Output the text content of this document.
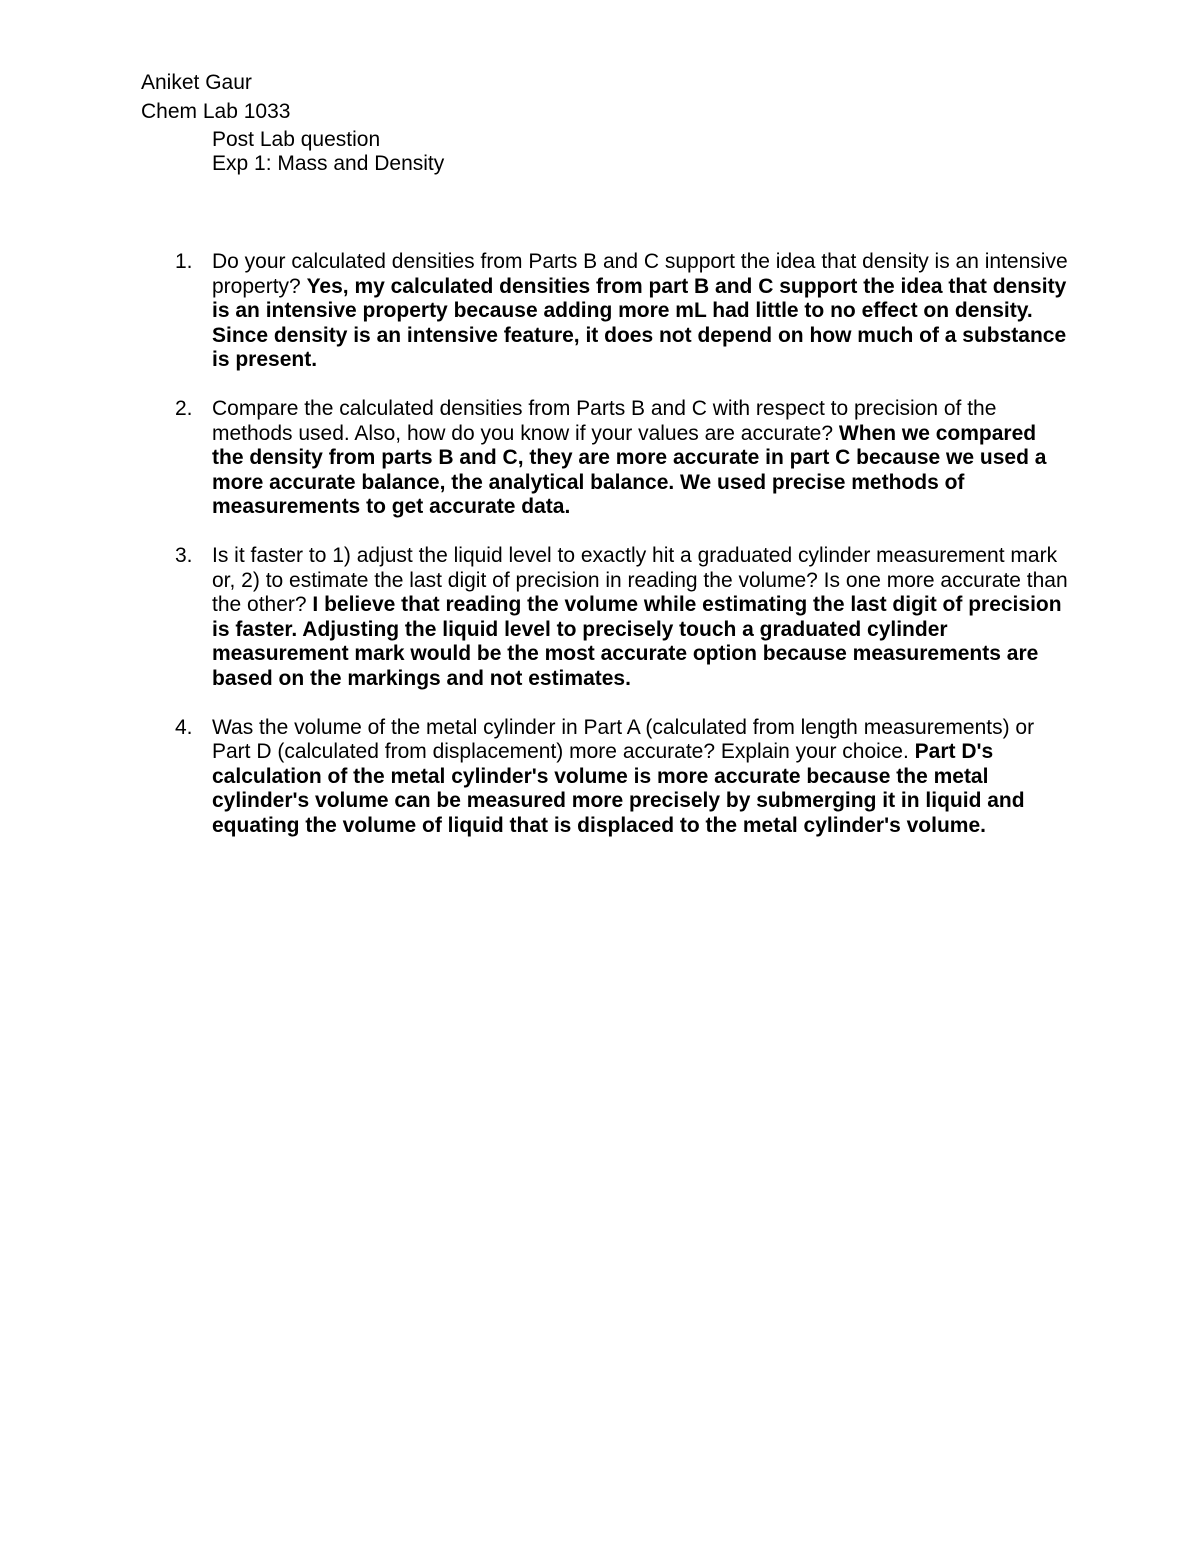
Aniket Gaur
Chem Lab 1033
Post Lab question
Exp 1: Mass and Density
1. Do your calculated densities from Parts B and C support the idea that density is an intensive property? Yes, my calculated densities from part B and C support the idea that density is an intensive property because adding more mL had little to no effect on density. Since density is an intensive feature, it does not depend on how much of a substance is present.
2. Compare the calculated densities from Parts B and C with respect to precision of the methods used. Also, how do you know if your values are accurate? When we compared the density from parts B and C, they are more accurate in part C because we used a more accurate balance, the analytical balance. We used precise methods of measurements to get accurate data.
3. Is it faster to 1) adjust the liquid level to exactly hit a graduated cylinder measurement mark or, 2) to estimate the last digit of precision in reading the volume? Is one more accurate than the other? I believe that reading the volume while estimating the last digit of precision is faster. Adjusting the liquid level to precisely touch a graduated cylinder measurement mark would be the most accurate option because measurements are based on the markings and not estimates.
4. Was the volume of the metal cylinder in Part A (calculated from length measurements) or Part D (calculated from displacement) more accurate? Explain your choice. Part D's calculation of the metal cylinder's volume is more accurate because the metal cylinder's volume can be measured more precisely by submerging it in liquid and equating the volume of liquid that is displaced to the metal cylinder's volume.
